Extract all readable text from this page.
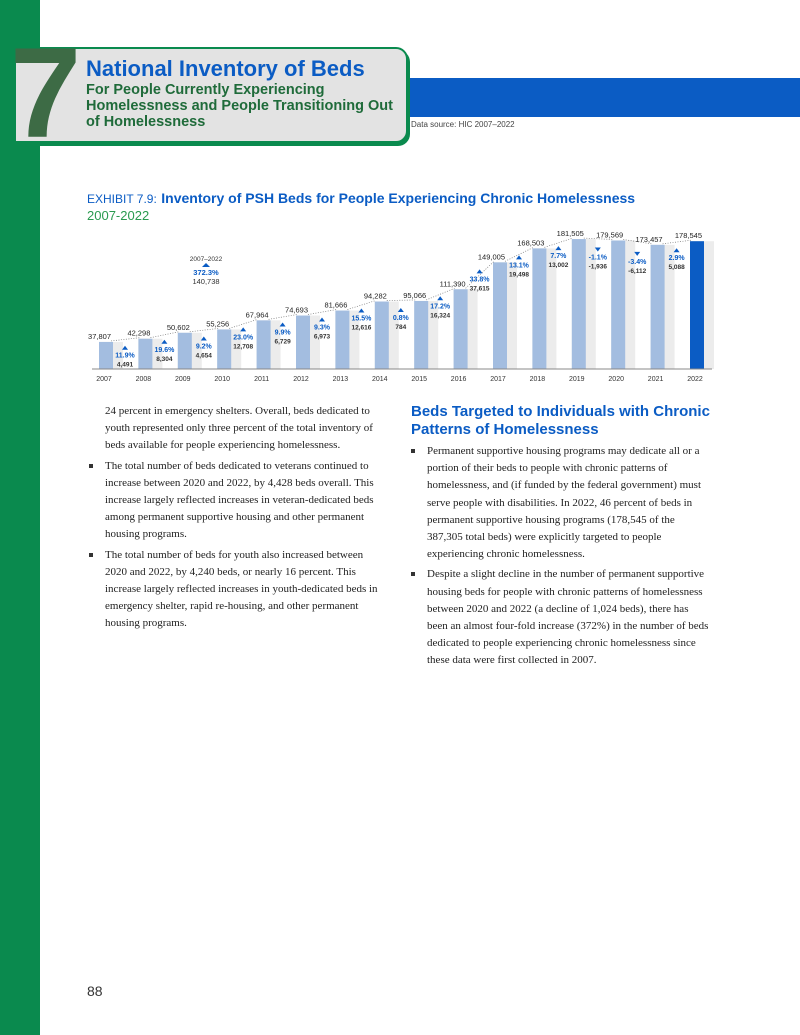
7 National Inventory of Beds
For People Currently Experiencing Homelessness and People Transitioning Out of Homelessness	Data source: HIC 2007–2022
EXHIBIT 7.9: Inventory of PSH Beds for People Experiencing Chronic Homelessness
2007-2022
2007	2008	2009	2010	2011	2012	2013	2014	2015	2016	2017	2018	2019	2020	2021	2022
37,807 42,298
50,602 55,256
67,964
74,693
81,666
94,282 95,066
111,390
149,005
168,503
181,505 179,569 173,457 178,545
11.9%
4,491
19.6%
8,304
9.2%
4,654
23.0%
12,708
9.9%
6,729
9.3%
6,973
15.5%
12,616
0.8%
784
17.2%
16,324
33.8%
37,615
13.1%
19,498
7.7%
13,002
-1.1%
-1,936
-3.4%
-6,112
2.9%
5,088
2007–2022
372.3%
140,738

24 percent in emergency shelters. Overall, beds dedicated to youth represented only three percent of the total inventory of beds available for people experiencing homelessness.

The total number of beds dedicated to veterans continued to increase between 2020 and 2022, by 4,428 beds overall. This increase largely reflected increases in veteran-dedicated beds among permanent supportive housing and other permanent housing programs.
The total number of beds for youth also increased between 2020 and 2022, by 4,240 beds, or nearly 16 percent. This increase largely reflected increases in youth-dedicated beds in emergency shelter, rapid re-housing, and other permanent housing programs.
Beds Targeted to Individuals with Chronic Patterns of Homelessness
Permanent supportive housing programs may dedicate all or a portion of their beds to people with chronic patterns of homelessness, and (if funded by the federal government) must serve people with disabilities. In 2022, 46 percent of beds in permanent supportive housing programs (178,545 of the 387,305 total beds) were explicitly targeted to people experiencing chronic homelessness.
Despite a slight decline in the number of permanent supportive housing beds for people with chronic patterns of homelessness between 2020 and 2022 (a decline of 1,024 beds), there has been an almost four-fold increase (372%) in the number of beds dedicated to people experiencing chronic homelessness since these data were first collected in 2007.
88
